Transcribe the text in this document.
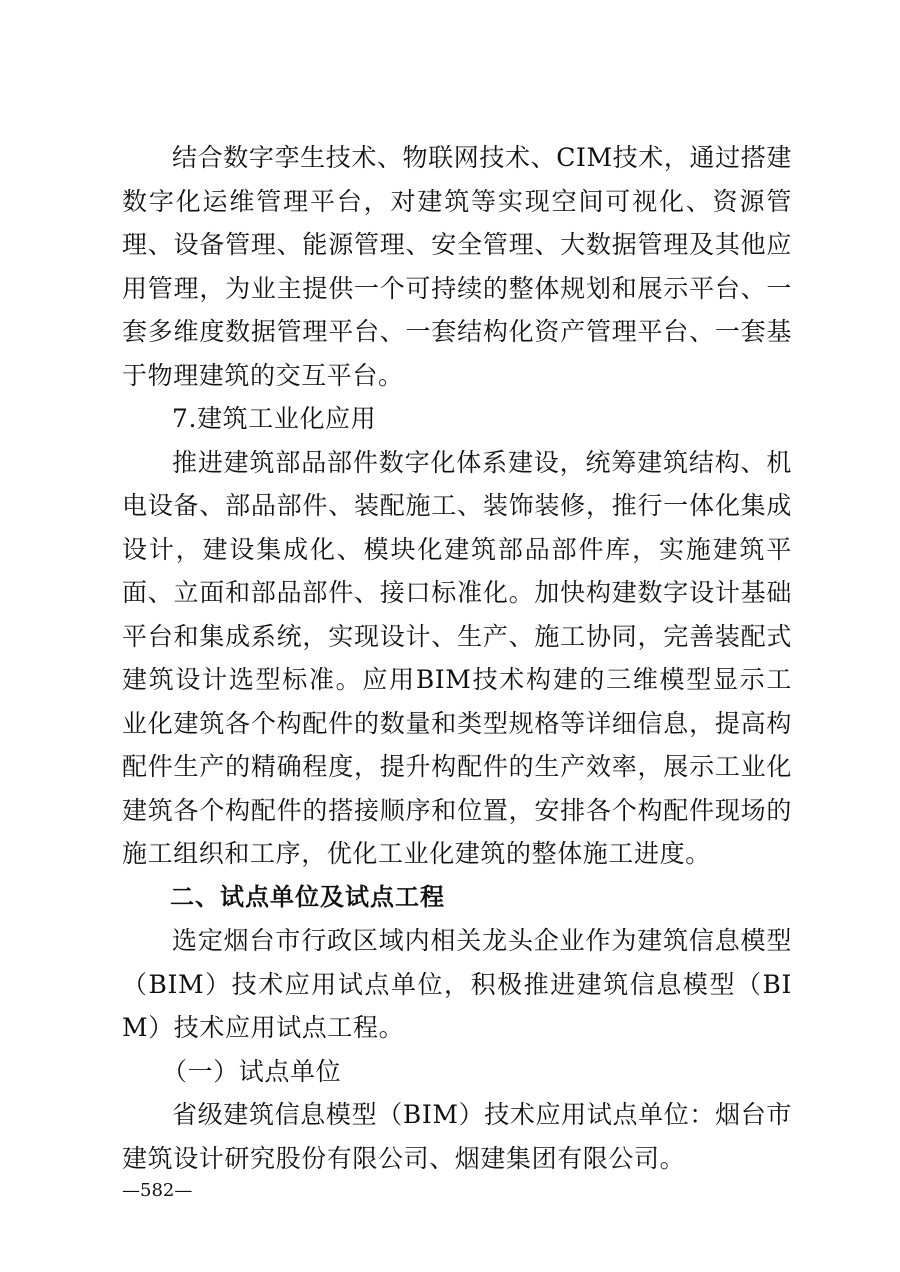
结合数字孪生技术、物联网技术、CIM技术，通过搭建数字化运维管理平台，对建筑等实现空间可视化、资源管理、设备管理、能源管理、安全管理、大数据管理及其他应用管理，为业主提供一个可持续的整体规划和展示平台、一套多维度数据管理平台、一套结构化资产管理平台、一套基于物理建筑的交互平台。

7.建筑工业化应用

推进建筑部品部件数字化体系建设，统筹建筑结构、机电设备、部品部件、装配施工、装饰装修，推行一体化集成设计，建设集成化、模块化建筑部品部件库，实施建筑平面、立面和部品部件、接口标准化。加快构建数字设计基础平台和集成系统，实现设计、生产、施工协同，完善装配式建筑设计选型标准。应用BIM技术构建的三维模型显示工业化建筑各个构配件的数量和类型规格等详细信息，提高构配件生产的精确程度，提升构配件的生产效率，展示工业化建筑各个构配件的搭接顺序和位置，安排各个构配件现场的施工组织和工序，优化工业化建筑的整体施工进度。

二、试点单位及试点工程

选定烟台市行政区域内相关龙头企业作为建筑信息模型（BIM）技术应用试点单位，积极推进建筑信息模型（BIM）技术应用试点工程。

（一）试点单位

省级建筑信息模型（BIM）技术应用试点单位：烟台市建筑设计研究股份有限公司、烟建集团有限公司。

—582—
